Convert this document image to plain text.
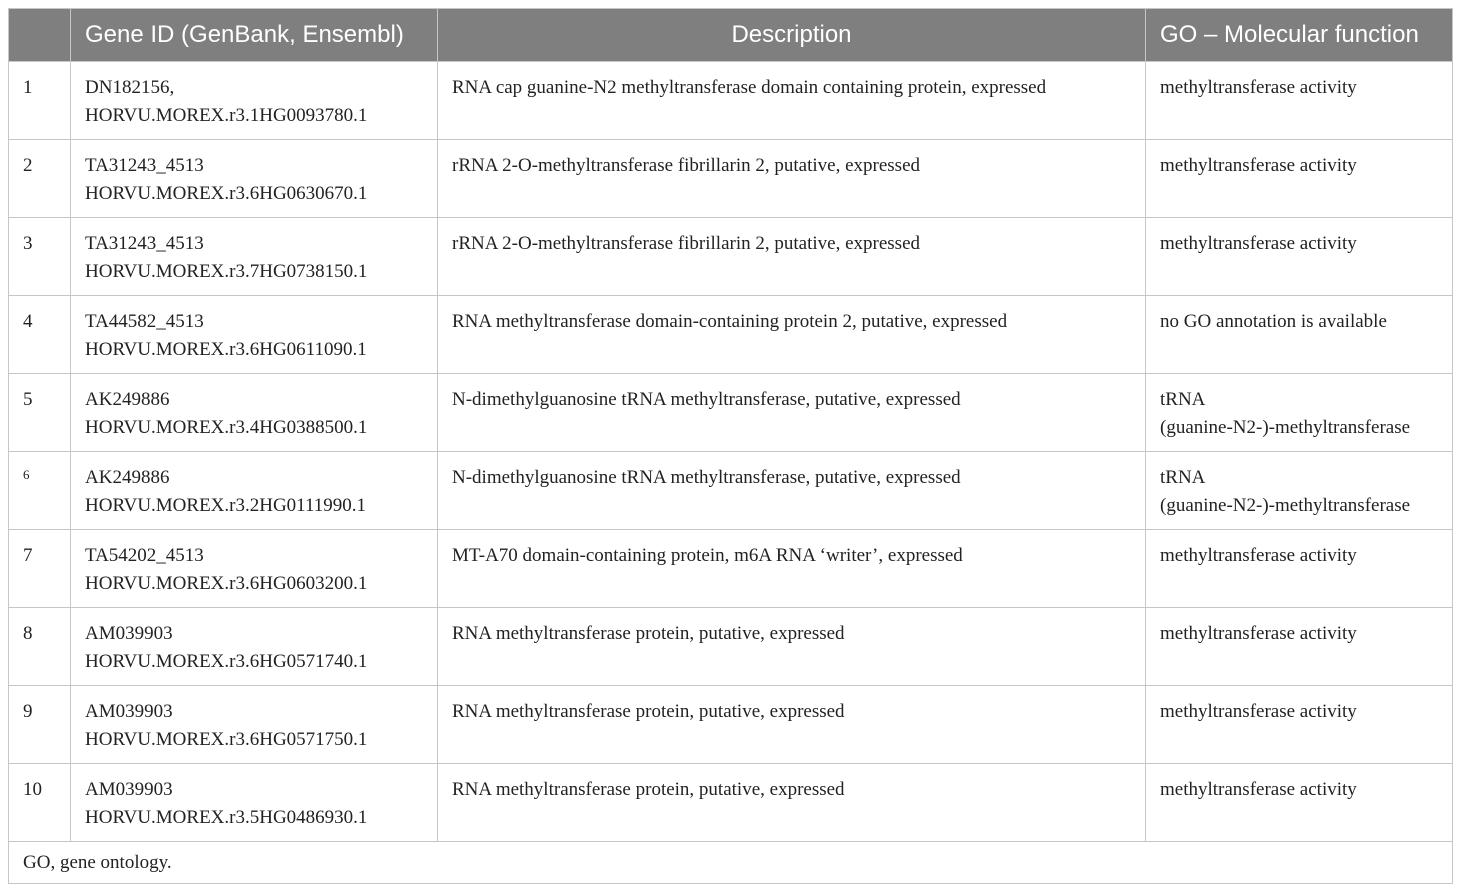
	Gene ID (GenBank, Ensembl)	Description	GO – Molecular function
1	DN182156,
HORVU.MOREX.r3.1HG0093780.1	RNA cap guanine-N2 methyltransferase domain containing protein, expressed	methyltransferase activity

2	TA31243_4513
HORVU.MOREX.r3.6HG0630670.1	rRNA 2-O-methyltransferase fibrillarin 2, putative, expressed	methyltransferase activity

3	TA31243_4513
HORVU.MOREX.r3.7HG0738150.1	rRNA 2-O-methyltransferase fibrillarin 2, putative, expressed	methyltransferase activity

4	TA44582_4513
HORVU.MOREX.r3.6HG0611090.1	RNA methyltransferase domain-containing protein 2, putative, expressed	no GO annotation is available

5	AK249886
HORVU.MOREX.r3.4HG0388500.1	N-dimethylguanosine tRNA methyltransferase, putative, expressed	tRNA
(guanine-N2-)-methyltransferase

6	AK249886
HORVU.MOREX.r3.2HG0111990.1	N-dimethylguanosine tRNA methyltransferase, putative, expressed	tRNA
(guanine-N2-)-methyltransferase

7	TA54202_4513
HORVU.MOREX.r3.6HG0603200.1	MT-A70 domain-containing protein, m6A RNA ‘writer’, expressed	methyltransferase activity

8	AM039903
HORVU.MOREX.r3.6HG0571740.1	RNA methyltransferase protein, putative, expressed	methyltransferase activity

9	AM039903
HORVU.MOREX.r3.6HG0571750.1	RNA methyltransferase protein, putative, expressed	methyltransferase activity

10	AM039903
HORVU.MOREX.r3.5HG0486930.1	RNA methyltransferase protein, putative, expressed	methyltransferase activity

GO, gene ontology.			
